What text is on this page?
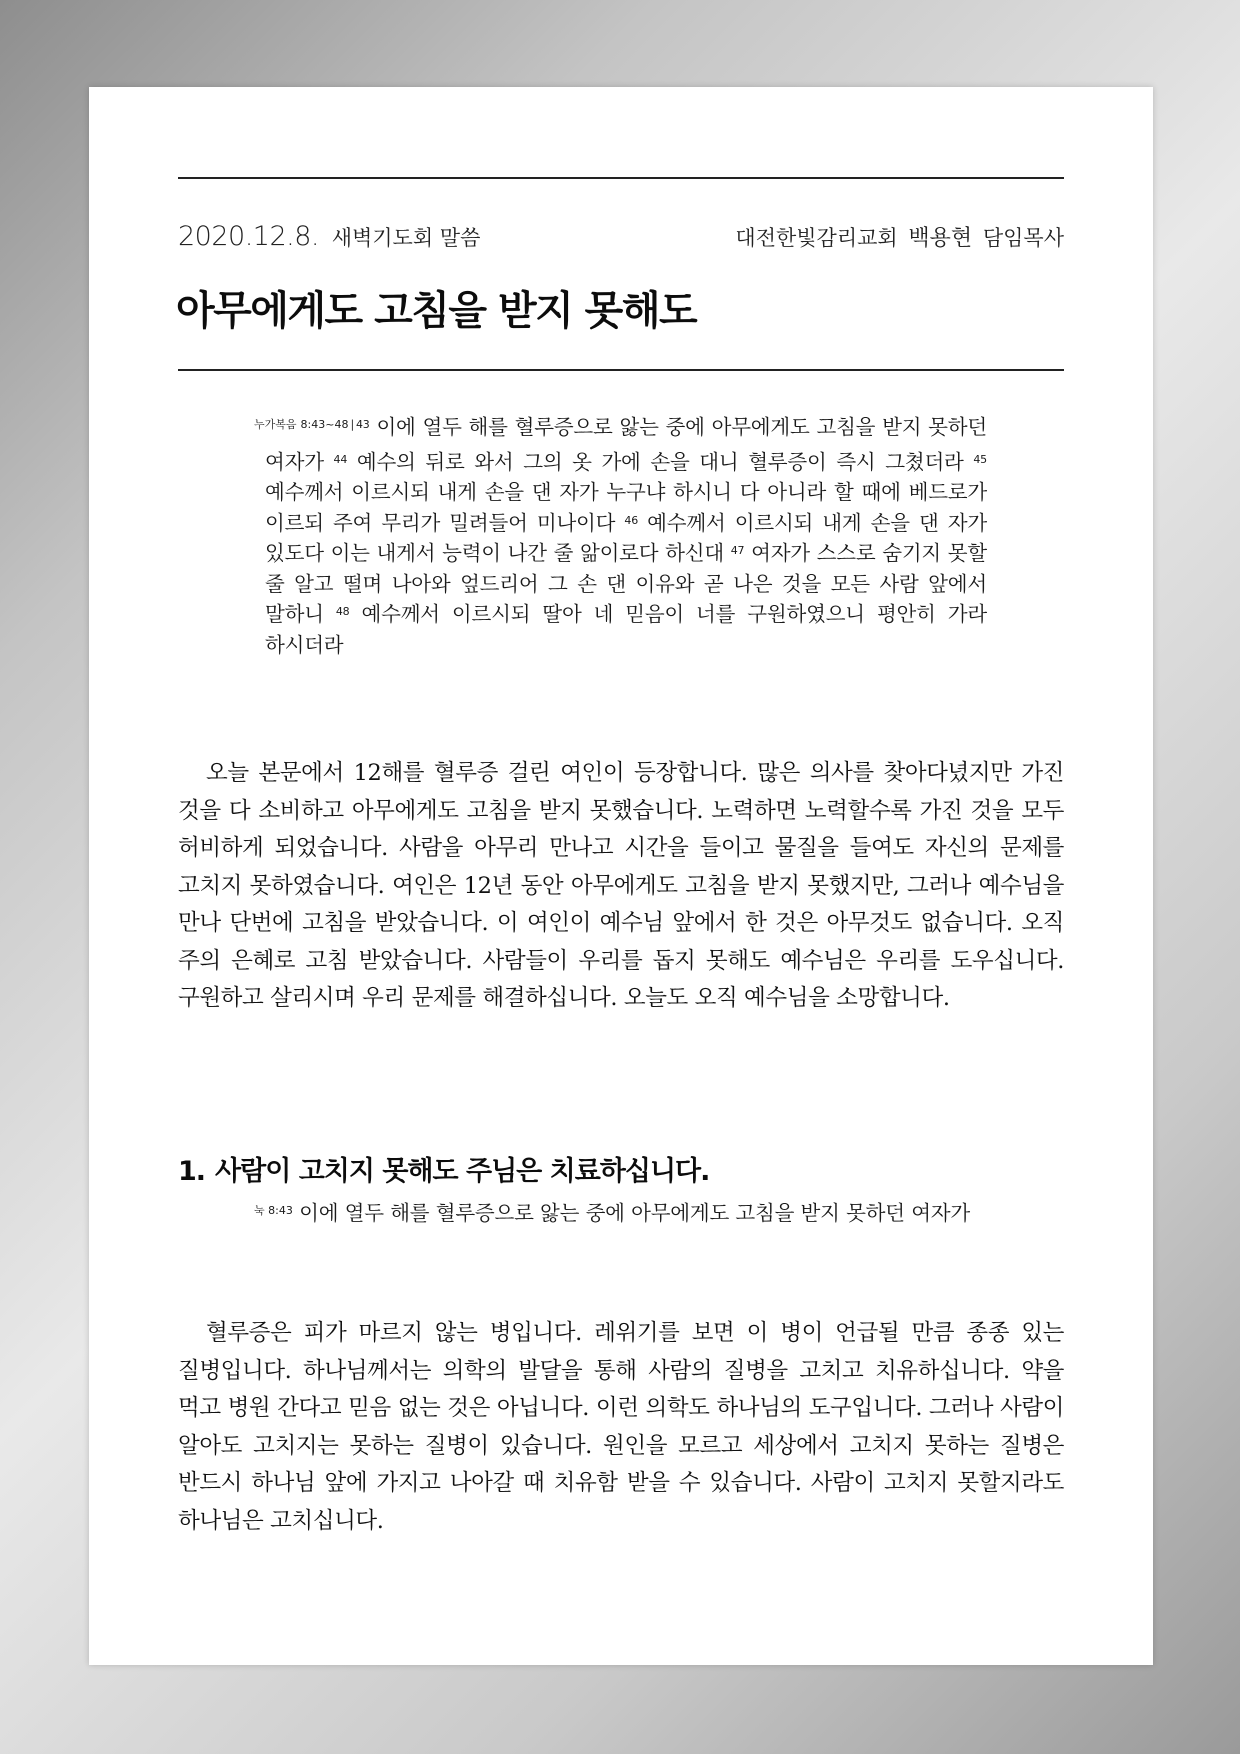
2020.12.8. 새벽기도회 말씀	대전한빛감리교회 백용현 담임목사
아무에게도 고침을 받지 못해도

$^{누가복음 8:43\sim 48}$ | $^{43}$ 이에 열두 해를 혈루증으로 앓는 중에 아무에게도 고침을 받지 못하던 여자가 $^{44}$ 예수의 뒤로 와서 그의 옷 가에 손을 대니 혈루증이 즉시 그쳤더라 $^{45}$ 예수께서 이르시되 내게 손을 댄 자가 누구냐 하시니 다 아니라 할 때에 베드로가 이르되 주여 무리가 밀려들어 미나이다 $^{46}$ 예수께서 이르시되 내게 손을 댄 자가 있도다 이는 내게서 능력이 나간 줄 앎이로다 하신대 $^{47}$ 여자가 스스로 숨기지 못할 줄 알고 떨며 나아와 엎드리어 그 손 댄 이유와 곧 나은 것을 모든 사람 앞에서 말하니 $^{48}$ 예수께서 이르시되 딸아 네 믿음이 너를 구원하였으니 평안히 가라 하시더라

오늘 본문에서 12해를 혈루증 걸린 여인이 등장합니다. 많은 의사를 찾아다녔지만 가진 것을 다 소비하고 아무에게도 고침을 받지 못했습니다. 노력하면 노력할수록 가진 것을 모두 허비하게 되었습니다. 사람을 아무리 만나고 시간을 들이고 물질을 들여도 자신의 문제를 고치지 못하였습니다. 여인은 12년 동안 아무에게도 고침을 받지 못했지만, 그러나 예수님을 만나 단번에 고침을 받았습니다. 이 여인이 예수님 앞에서 한 것은 아무것도 없습니다. 오직 주의 은혜로 고침 받았습니다. 사람들이 우리를 돕지 못해도 예수님은 우리를 도우십니다. 구원하고 살리시며 우리 문제를 해결하십니다. 오늘도 오직 예수님을 소망합니다.

1. 사람이 고치지 못해도 주님은 치료하십니다.

$^{눅 8:43}$ 이에 열두 해를 혈루증으로 앓는 중에 아무에게도 고침을 받지 못하던 여자가

혈루증은 피가 마르지 않는 병입니다. 레위기를 보면 이 병이 언급될 만큼 종종 있는 질병입니다. 하나님께서는 의학의 발달을 통해 사람의 질병을 고치고 치유하십니다. 약을 먹고 병원 간다고 믿음 없는 것은 아닙니다. 이런 의학도 하나님의 도구입니다. 그러나 사람이 알아도 고치지는 못하는 질병이 있습니다. 원인을 모르고 세상에서 고치지 못하는 질병은 반드시 하나님 앞에 가지고 나아갈 때 치유함 받을 수 있습니다. 사람이 고치지 못할지라도 하나님은 고치십니다.
